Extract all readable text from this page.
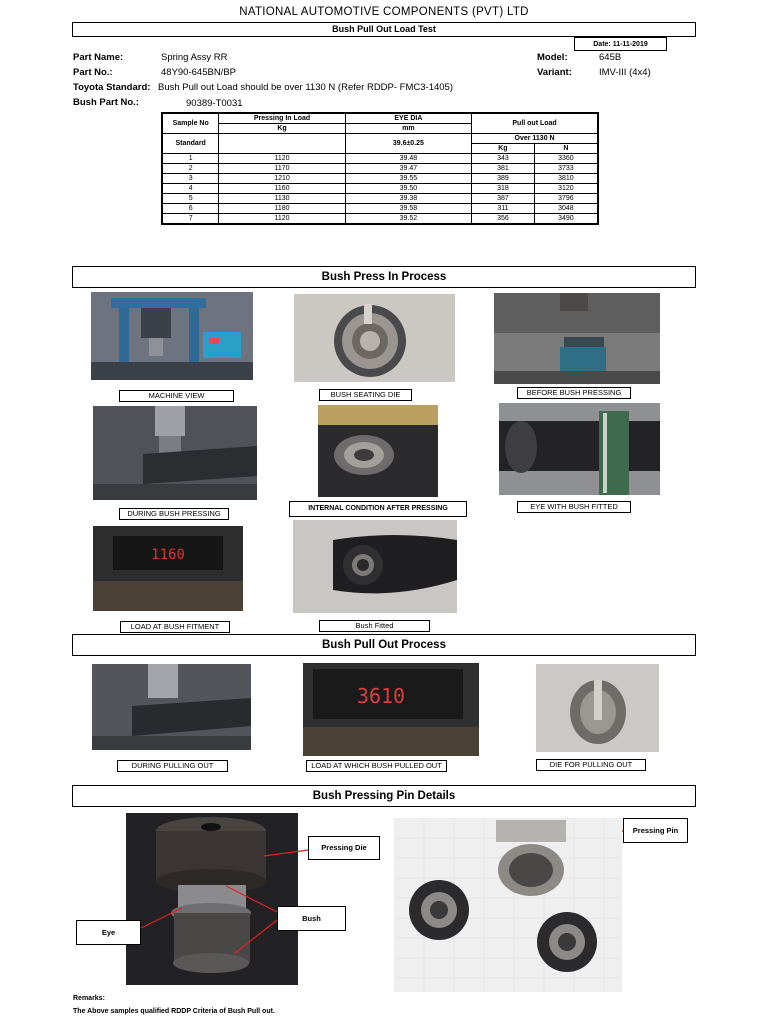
NATIONAL AUTOMOTIVE COMPONENTS (PVT) LTD
Bush Pull Out Load Test
Date: 11-11-2019
Part Name:	Spring Assy RR
Part No.:	48Y90-645BN/BP
Model:	645B
Variant:	IMV-III (4x4)
Toyota Standard: Bush Pull out Load should be over 1130 N (Refer RDDP- FMC3-1405)
Bush Part No.:	90389-T0031
Sample No	Pressing In Load	EYE DIA	Pull out Load	
	Kg	mm		
Standard		39.6±0.25	Over 1130 N	
			Kg	N
1	1120	39.48	343	3360
2	1170	39.47	381	3733
3	1210	39.55	389	3810
4	1160	39.50	318	3120
5	1130	39.38	387	3796
6	1180	39.58	311	3048
7	1120	39.52	356	3490
Bush Press In Process
MACHINE VIEW	BUSH SEATING DIE	BEFORE BUSH PRESSING
DURING BUSH PRESSING
INTERNAL CONDITION AFTER PRESSING	EYE WITH BUSH FITTED
1160
LOAD AT BUSH FITMENT	Bush Fitted
Bush Pull Out Process
DURING PULLING OUT
3610
LOAD AT WHICH BUSH PULLED OUT	DIE FOR PULLING OUT
Bush Pressing Pin Details
Pressing Die
Bush
Eye
Pressing Pin
Remarks:
The Above samples qualified RDDP Criteria of Bush Pull out.
